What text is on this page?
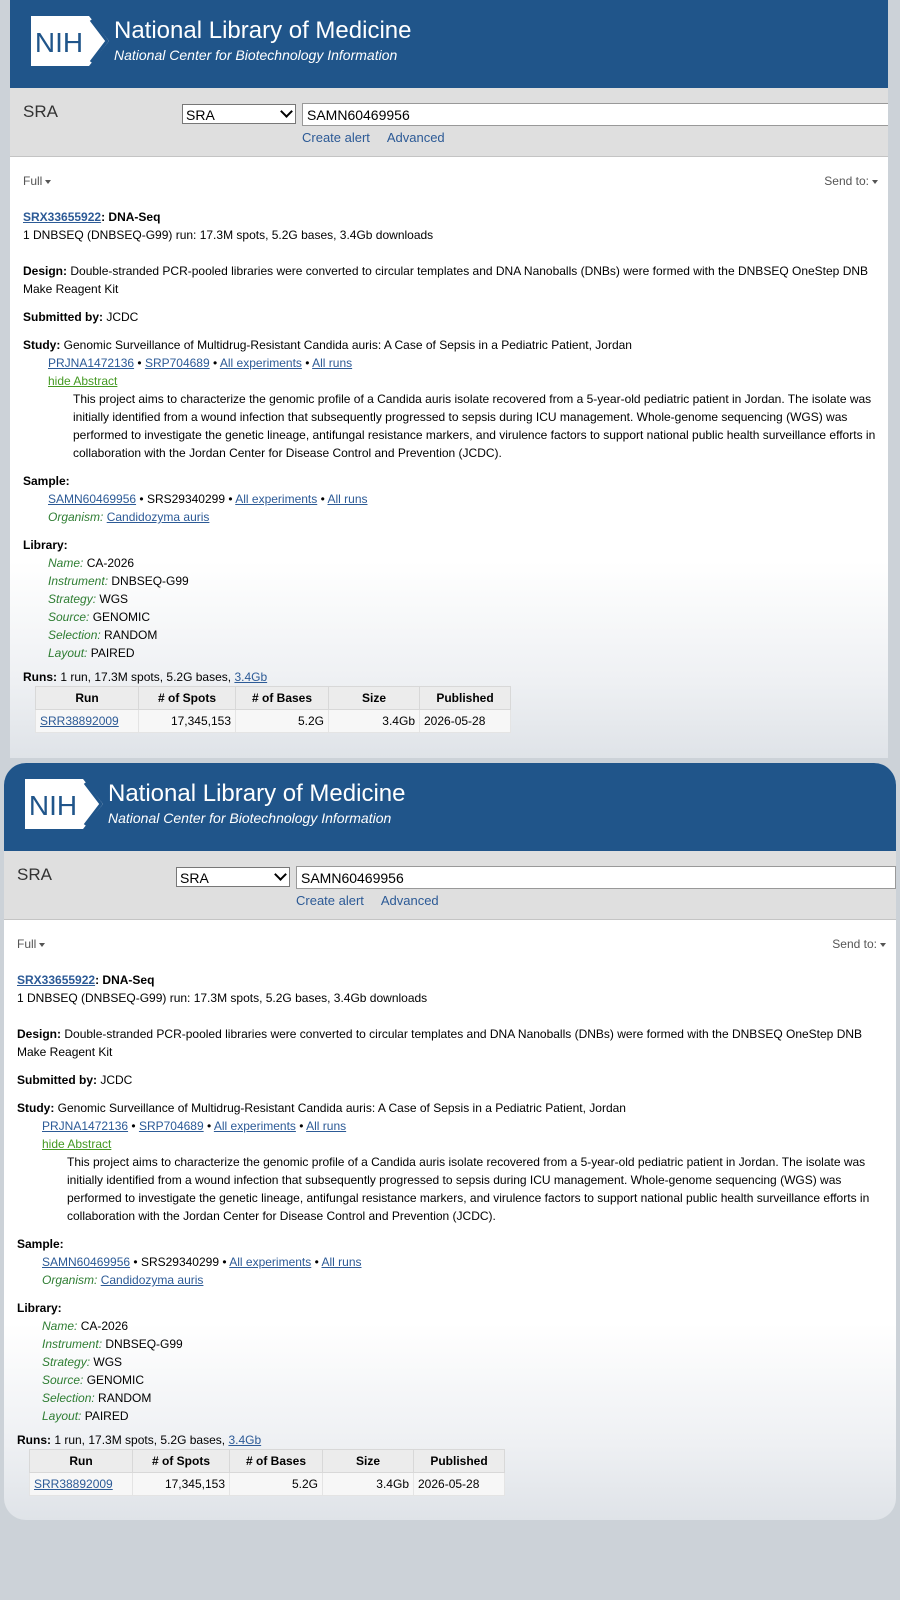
NIH National Library of Medicine
National Center for Biotechnology Information
SRA	SRA
SAMN60469956
Create alert Advanced
Full	Send to:
SRX33655922: DNA-Seq
1 DNBSEQ (DNBSEQ-G99) run: 17.3M spots, 5.2G bases, 3.4Gb downloads
Design: Double-stranded PCR-pooled libraries were converted to circular templates and DNA Nanoballs (DNBs) were formed with the DNBSEQ OneStep DNB Make Reagent Kit
Submitted by: JCDC
Study: Genomic Surveillance of Multidrug-Resistant Candida auris: A Case of Sepsis in a Pediatric Patient, Jordan
PRJNA1472136 • SRP704689 • All experiments • All runs
hide Abstract
This project aims to characterize the genomic profile of a Candida auris isolate recovered from a 5-year-old pediatric patient in Jordan. The isolate was initially identified from a wound infection that subsequently progressed to sepsis during ICU management. Whole-genome sequencing (WGS) was performed to investigate the genetic lineage, antifungal resistance markers, and virulence factors to support national public health surveillance efforts in collaboration with the Jordan Center for Disease Control and Prevention (JCDC).
Sample:
SAMN60469956 • SRS29340299 • All experiments • All runs
Organism: Candidozyma auris
Library:
Name: CA-2026
Instrument: DNBSEQ-G99
Strategy: WGS
Source: GENOMIC
Selection: RANDOM
Layout: PAIRED
Runs: 1 run, 17.3M spots, 5.2G bases, 3.4Gb
Run	# of Spots	# of Bases	Size	Published
SRR38892009	17,345,153	5.2G	3.4Gb	2026-05-28
NIH National Library of Medicine
National Center for Biotechnology Information
SRA	SRA
SAMN60469956
Create alert Advanced
Full	Send to:
SRX33655922: DNA-Seq
1 DNBSEQ (DNBSEQ-G99) run: 17.3M spots, 5.2G bases, 3.4Gb downloads
Design: Double-stranded PCR-pooled libraries were converted to circular templates and DNA Nanoballs (DNBs) were formed with the DNBSEQ OneStep DNB Make Reagent Kit
Submitted by: JCDC
Study: Genomic Surveillance of Multidrug-Resistant Candida auris: A Case of Sepsis in a Pediatric Patient, Jordan
PRJNA1472136 • SRP704689 • All experiments • All runs
hide Abstract
This project aims to characterize the genomic profile of a Candida auris isolate recovered from a 5-year-old pediatric patient in Jordan. The isolate was initially identified from a wound infection that subsequently progressed to sepsis during ICU management. Whole-genome sequencing (WGS) was performed to investigate the genetic lineage, antifungal resistance markers, and virulence factors to support national public health surveillance efforts in collaboration with the Jordan Center for Disease Control and Prevention (JCDC).
Sample:
SAMN60469956 • SRS29340299 • All experiments • All runs
Organism: Candidozyma auris
Library:
Name: CA-2026
Instrument: DNBSEQ-G99
Strategy: WGS
Source: GENOMIC
Selection: RANDOM
Layout: PAIRED
Runs: 1 run, 17.3M spots, 5.2G bases, 3.4Gb
Run	# of Spots	# of Bases	Size	Published
SRR38892009	17,345,153	5.2G	3.4Gb	2026-05-28
